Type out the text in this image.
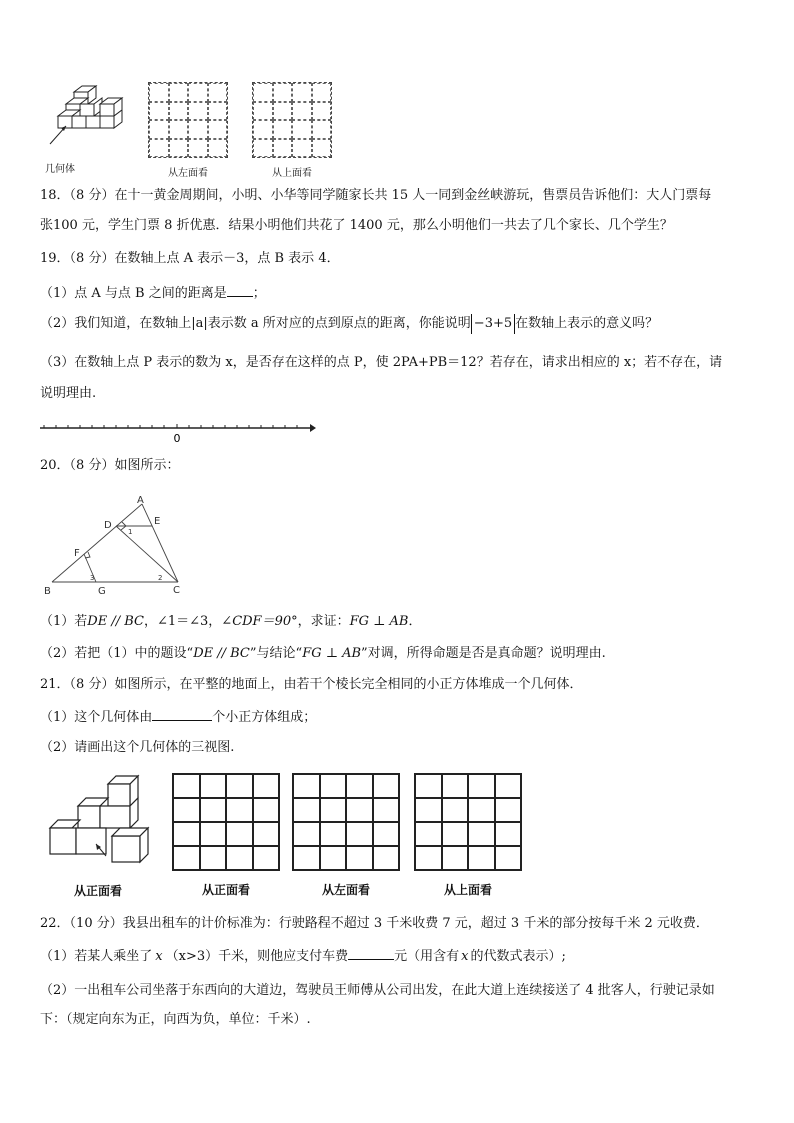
几何体	从左面看	从上面看
18．（8 分）在十一黄金周期间，小明、小华等同学随家长共 15 人一同到金丝峡游玩，售票员告诉他们：大人门票每
张100 元，学生门票 8 折优惠．结果小明他们共花了 1400 元，那么小明他们一共去了几个家长、几个学生？
19．（8 分）在数轴上点 A 表示－3，点 B 表示 4．
（1）点 A 与点 B 之间的距离是 ；
（2）我们知道，在数轴上|a|表示数 a 所对应的点到原点的距离，你能说明 −3+5 在数轴上表示的意义吗？
（3）在数轴上点 P 表示的数为 x，是否存在这样的点 P，使 2PA+PB＝12？若存在，请求出相应的 x；若不存在，请
说明理由.
0
20．（8 分）如图所示：
A
B	C
D	E
F
G
1
2
3
（1）若DE // BC，∠1＝∠3，∠CDF＝90°，求证：FG ⊥ AB．
（2）若把（1）中的题设“DE // BC”与结论“FG ⊥ AB”对调，所得命题是否是真命题？说明理由.
21．（8 分）如图所示，在平整的地面上，由若干个棱长完全相同的小正方体堆成一个几何体．
（1）这个几何体由	个小正方体组成；
（2）请画出这个几何体的三视图.
从正面看	从正面看	从左面看	从上面看
22．（10 分）我县出租车的计价标准为：行驶路程不超过 3 千米收费 7 元，超过 3 千米的部分按每千米 2 元收费．
（1）若某人乘坐了 x （x>3）千米，则他应支付车费	元（用含有 x 的代数式表示）;
（2）一出租车公司坐落于东西向的大道边，驾驶员王师傅从公司出发，在此大道上连续接送了 4 批客人，行驶记录如
下：（规定向东为正，向西为负，单位：千米）.
